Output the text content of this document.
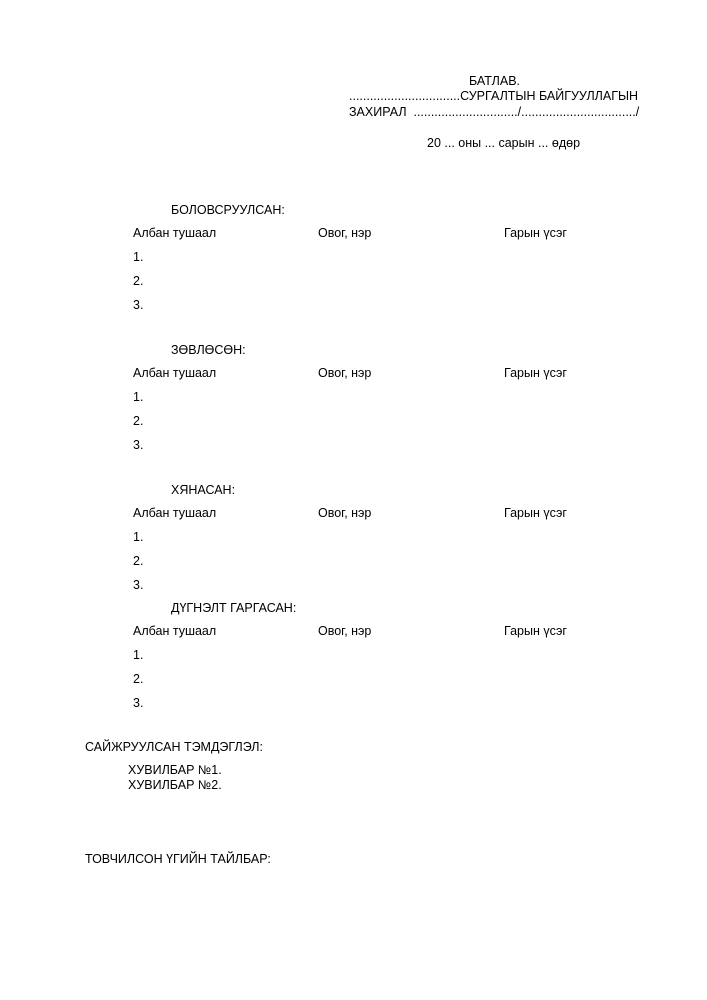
БАТЛАВ.
................................СУРГАЛТЫН БАЙГУУЛЛАГЫН
ЗАХИРАЛ  ............................../................................./
20 ... оны ... сарын ... өдөр
БОЛОВСРУУЛСАН:
Албан тушаал	Овог, нэр	Гарын үсэг
1.
2.
3.
ЗӨВЛӨСӨН:
Албан тушаал	Овог, нэр	Гарын үсэг
1.
2.
3.
ХЯНАСАН:
Албан тушаал	Овог, нэр	Гарын үсэг
1.
2.
3.
ДҮГНЭЛТ ГАРГАСАН:
Албан тушаал	Овог, нэр	Гарын үсэг
1.
2.
3.
САЙЖРУУЛСАН ТЭМДЭГЛЭЛ:
ХУВИЛБАР №1.
ХУВИЛБАР №2.
ТОВЧИЛСОН ҮГИЙН ТАЙЛБАР:
